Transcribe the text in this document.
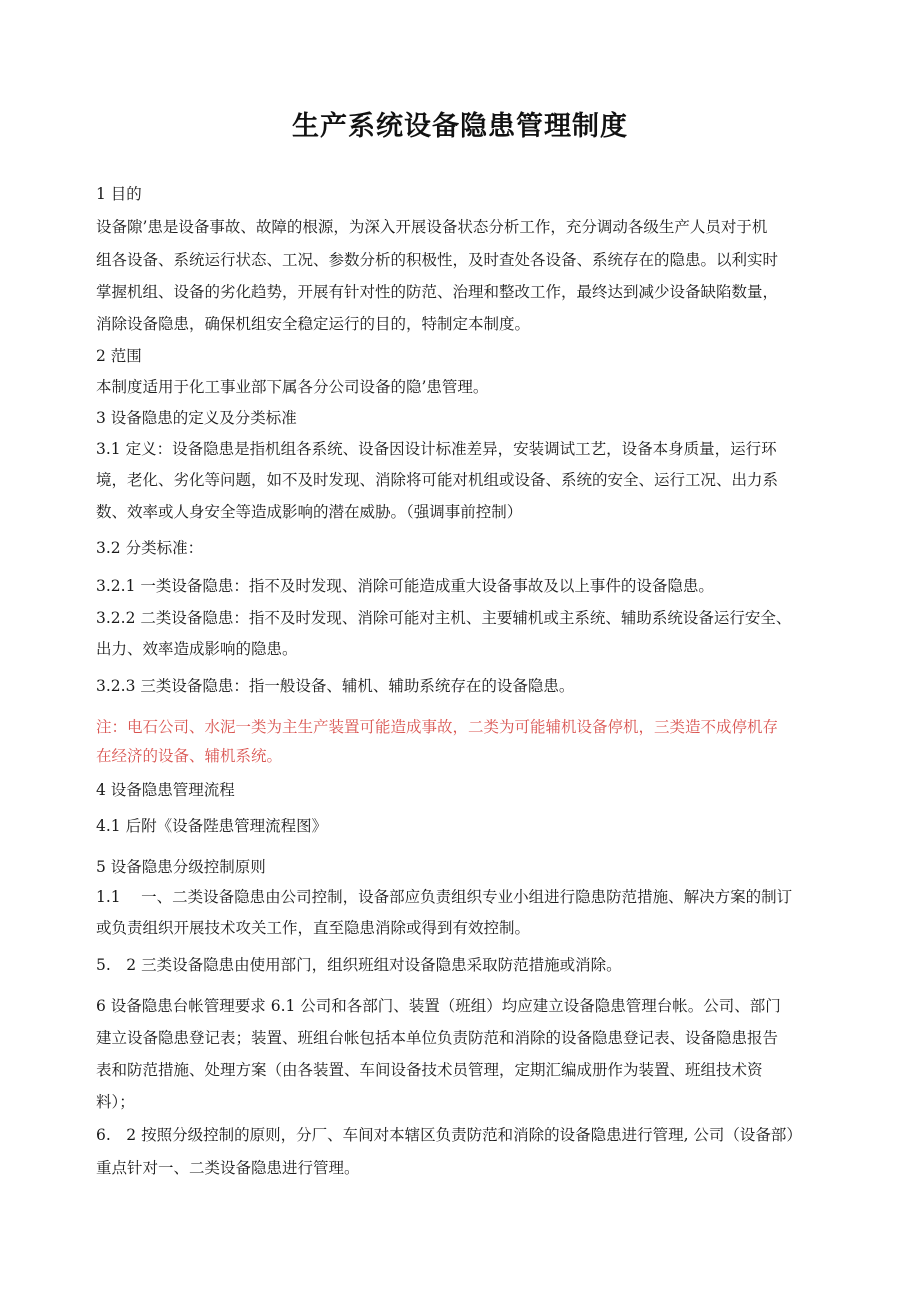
生产系统设备隐患管理制度
1 目的
设备隙’患是设备事故、故障的根源，为深入开展设备状态分析工作，充分调动各级生产人员对于机
组各设备、系统运行状态、工况、参数分析的积极性，及时查处各设备、系统存在的隐患。以利实时
掌握机组、设备的劣化趋势，开展有针对性的防范、治理和整改工作，最终达到减少设备缺陷数量，
消除设备隐患，确保机组安全稳定运行的目的，特制定本制度。
2 范围
本制度适用于化工事业部下属各分公司设备的隐’患管理。
3 设备隐患的定义及分类标准
3.1 定义：设备隐患是指机组各系统、设备因设计标准差异，安装调试工艺，设备本身质量，运行环
境，老化、劣化等问题，如不及时发现、消除将可能对机组或设备、系统的安全、运行工况、出力系
数、效率或人身安全等造成影响的潜在威胁。（强调事前控制）
3.2 分类标准：
3.2.1 一类设备隐患：指不及时发现、消除可能造成重大设备事故及以上事件的设备隐患。
3.2.2 二类设备隐患：指不及时发现、消除可能对主机、主要辅机或主系统、辅助系统设备运行安全、
出力、效率造成影响的隐患。
3.2.3 三类设备隐患：指一般设备、辅机、辅助系统存在的设备隐患。
注：电石公司、水泥一类为主生产装置可能造成事故，二类为可能辅机设备停机，三类造不成停机存
在经济的设备、辅机系统。
4 设备隐患管理流程
4.1 后附《设备陛患管理流程图》
5 设备隐患分级控制原则
1.1　 一、二类设备隐患由公司控制，设备部应负责组织专业小组进行隐患防范措施、解决方案的制订
或负责组织开展技术攻关工作，直至隐患消除或得到有效控制。
5.　2 三类设备隐患由使用部门，组织班组对设备隐患采取防范措施或消除。
6 设备隐患台帐管理要求 6.1 公司和各部门、装置（班组）均应建立设备隐患管理台帐。公司、部门
建立设备隐患登记表；装置、班组台帐包括本单位负责防范和消除的设备隐患登记表、设备隐患报告
表和防范措施、处理方案（由各装置、车间设备技术员管理，定期汇编成册作为装置、班组技术资
料）；
6.　2 按照分级控制的原则，分厂、车间对本辖区负责防范和消除的设备隐患进行管理, 公司（设备部）
重点针对一、二类设备隐患进行管理。
